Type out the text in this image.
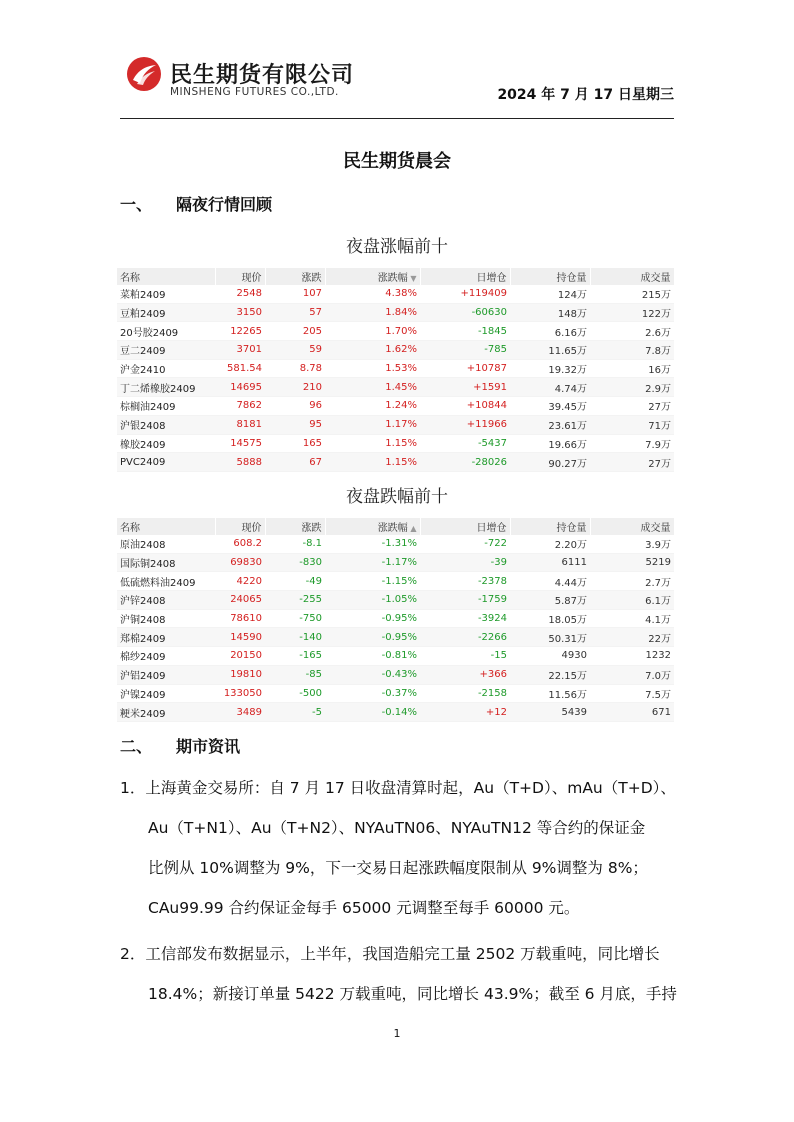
民生期货有限公司
MINSHENG FUTURES CO.,LTD.	2024 年 7 月 17 日星期三
民生期货晨会
一、 隔夜行情回顾
夜盘涨幅前十
名称	现价	涨跌	涨跌幅 ▼	日增仓	持仓量	成交量
菜粕2409	2548	107	4.38%	+119409	124万	215万
豆粕2409	3150	57	1.84%	-60630	148万	122万
20号胶2409	12265	205	1.70%	-1845	6.16万	2.6万
豆二2409	3701	59	1.62%	-785	11.65万	7.8万
沪金2410	581.54	8.78	1.53%	+10787	19.32万	16万
丁二烯橡胶2409	14695	210	1.45%	+1591	4.74万	2.9万
棕榈油2409	7862	96	1.24%	+10844	39.45万	27万
沪银2408	8181	95	1.17%	+11966	23.61万	71万
橡胶2409	14575	165	1.15%	-5437	19.66万	7.9万
PVC2409	5888	67	1.15%	-28026	90.27万	27万
夜盘跌幅前十
名称	现价	涨跌	涨跌幅 ▲	日增仓	持仓量	成交量
原油2408	608.2	-8.1	-1.31%	-722	2.20万	3.9万
国际铜2408	69830	-830	-1.17%	-39	6111	5219
低硫燃料油2409	4220	-49	-1.15%	-2378	4.44万	2.7万
沪锌2408	24065	-255	-1.05%	-1759	5.87万	6.1万
沪铜2408	78610	-750	-0.95%	-3924	18.05万	4.1万
郑棉2409	14590	-140	-0.95%	-2266	50.31万	22万
棉纱2409	20150	-165	-0.81%	-15	4930	1232
沪铝2409	19810	-85	-0.43%	+366	22.15万	7.0万
沪镍2409	133050	-500	-0.37%	-2158	11.56万	7.5万
粳米2409	3489	-5	-0.14%	+12	5439	671
二、 期市资讯

1．上海黄金交易所：自 7 月 17 日收盘清算时起，Au（T+D）、mAu（T+D）、

Au（T+N1）、Au（T+N2）、NYAuTN06、NYAuTN12 等合约的保证金

比例从 10%调整为 9%，下一交易日起涨跌幅度限制从 9%调整为 8%；

CAu99.99 合约保证金每手 65000 元调整至每手 60000 元。

2．工信部发布数据显示，上半年，我国造船完工量 2502 万载重吨，同比增长

18.4%；新接订单量 5422 万载重吨，同比增长 43.9%；截至 6 月底，手持

1
